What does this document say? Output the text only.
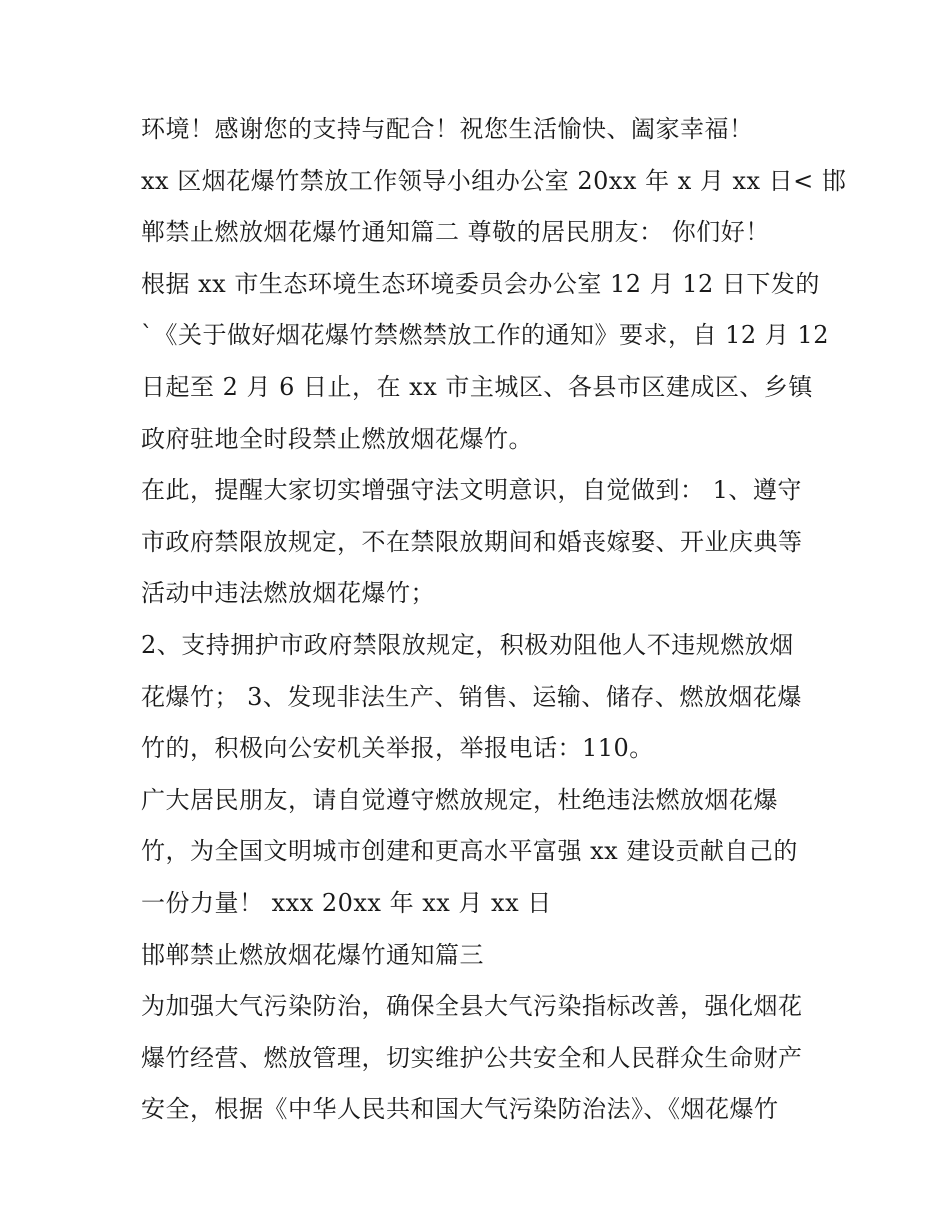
环境！感谢您的支持与配合！祝您生活愉快、阖家幸福！
xx 区烟花爆竹禁放工作领导小组办公室 20xx 年 x 月 xx 日< 邯
郸禁止燃放烟花爆竹通知篇二 尊敬的居民朋友： 你们好！
根据 xx 市生态环境生态环境委员会办公室 12 月 12 日下发的
`《关于做好烟花爆竹禁燃禁放工作的通知》要求，自 12 月 12
日起至 2 月 6 日止，在 xx 市主城区、各县市区建成区、乡镇
政府驻地全时段禁止燃放烟花爆竹。
在此，提醒大家切实增强守法文明意识，自觉做到： 1、遵守
市政府禁限放规定，不在禁限放期间和婚丧嫁娶、开业庆典等
活动中违法燃放烟花爆竹；
2、支持拥护市政府禁限放规定，积极劝阻他人不违规燃放烟
花爆竹； 3、发现非法生产、销售、运输、储存、燃放烟花爆
竹的，积极向公安机关举报，举报电话：110。
广大居民朋友，请自觉遵守燃放规定，杜绝违法燃放烟花爆
竹，为全国文明城市创建和更高水平富强 xx 建设贡献自己的
一份力量！ xxx 20xx 年 xx 月 xx 日
邯郸禁止燃放烟花爆竹通知篇三
为加强大气污染防治，确保全县大气污染指标改善，强化烟花
爆竹经营、燃放管理，切实维护公共安全和人民群众生命财产
安全，根据《中华人民共和国大气污染防治法》、《烟花爆竹
